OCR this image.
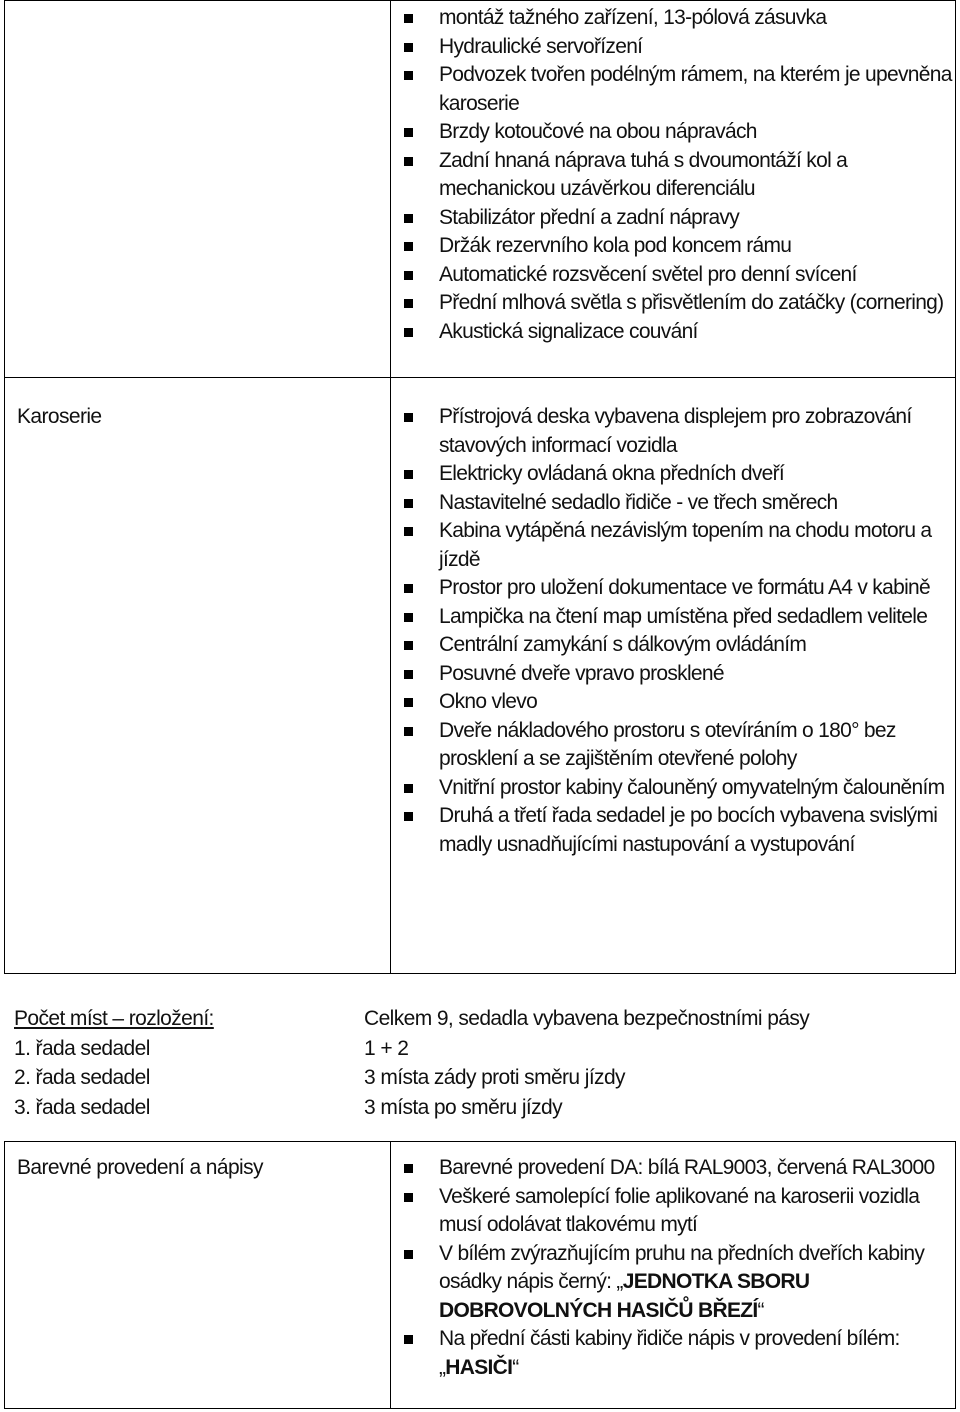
montáž tažného zařízení, 13-pólová zásuvka
Hydraulické servořízení
Podvozek tvořen podélným rámem, na kterém je upevněna karoserie
Brzdy kotoučové na obou nápravách
Zadní hnaná náprava tuhá s dvoumontáží kol a mechanickou uzávěrkou diferenciálu
Stabilizátor přední a zadní nápravy
Držák rezervního kola pod koncem rámu
Automatické rozsvěcení světel pro denní svícení
Přední mlhová světla s přisvětlením do zatáčky (cornering)
Akustická signalizace couvání
Karoserie	Přístrojová deska vybavena displejem pro zobrazování stavových informací vozidla
Elektricky ovládaná okna předních dveří
Nastavitelné sedadlo řidiče - ve třech směrech
Kabina vytápěná nezávislým topením na chodu motoru a jízdě
Prostor pro uložení dokumentace ve formátu A4 v kabině
Lampička na čtení map umístěna před sedadlem velitele
Centrální zamykání s dálkovým ovládáním
Posuvné dveře vpravo prosklené
Okno vlevo
Dveře nákladového prostoru s otevíráním o 180° bez prosklení a se zajištěním otevřené polohy
Vnitřní prostor kabiny čalouněný omyvatelným čalouněním
Druhá a třetí řada sedadel je po bocích vybavena svislými madly usnadňujícími nastupování a vystupování
Počet míst – rozložení:	Celkem 9, sedadla vybavena bezpečnostními pásy
1. řada sedadel	1 + 2
2. řada sedadel	3 místa zády proti směru jízdy
3. řada sedadel	3 místa po směru jízdy
Barevné provedení a nápisy	Barevné provedení DA: bílá RAL9003, červená RAL3000
Veškeré samolepící folie aplikované na karoserii vozidla musí odolávat tlakovému mytí
V bílém zvýrazňujícím pruhu na předních dveřích kabiny osádky nápis černý: „JEDNOTKA SBORU DOBROVOLNÝCH HASIČŮ BŘEZÍ“
Na přední části kabiny řidiče nápis v provedení bílém: „HASIČI“
